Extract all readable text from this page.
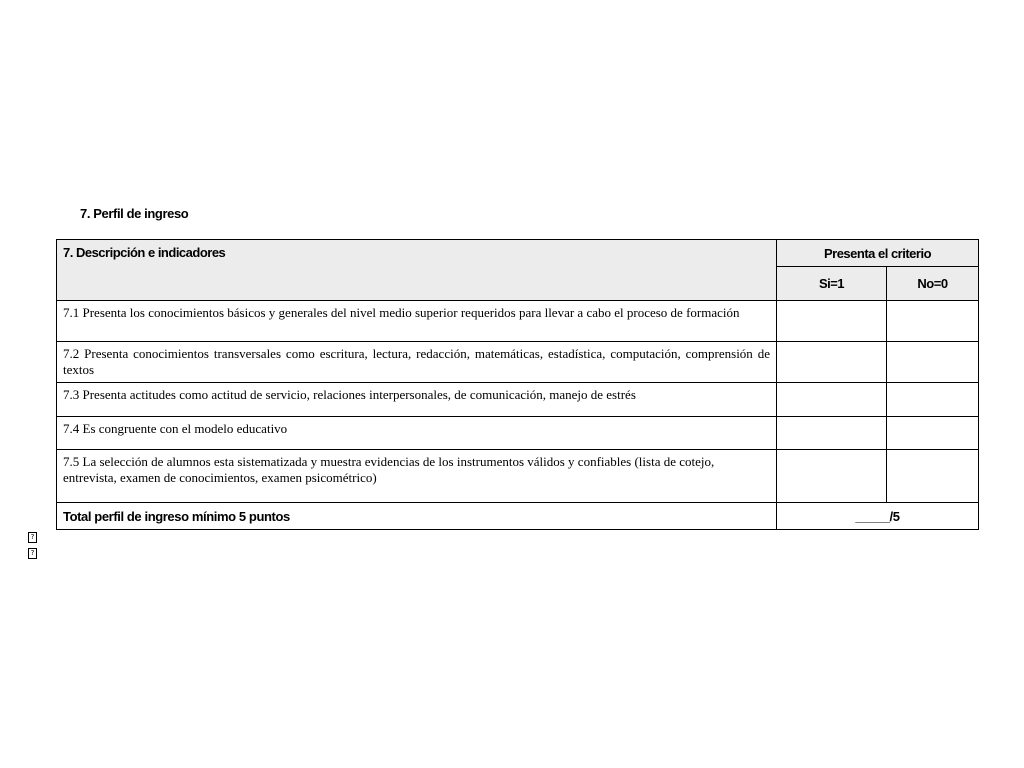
7. Perfil de ingreso
7. Descripción e indicadores	Presenta el criterio	
	Si=1	No=0
7.1 Presenta los conocimientos básicos y generales del nivel medio superior requeridos para llevar a cabo el proceso de formación		
7.2 Presenta conocimientos transversales como escritura, lectura, redacción, matemáticas, estadística, computación, comprensión de textos		
7.3 Presenta actitudes como actitud de servicio, relaciones interpersonales, de comunicación, manejo de estrés		
7.4 Es congruente con el modelo educativo		
7.5 La selección de alumnos esta sistematizada y muestra evidencias de los instrumentos válidos y confiables (lista de cotejo, entrevista, examen de conocimientos, examen psicométrico)		
Total perfil de ingreso mínimo 5 puntos	_____/5	
?
?
